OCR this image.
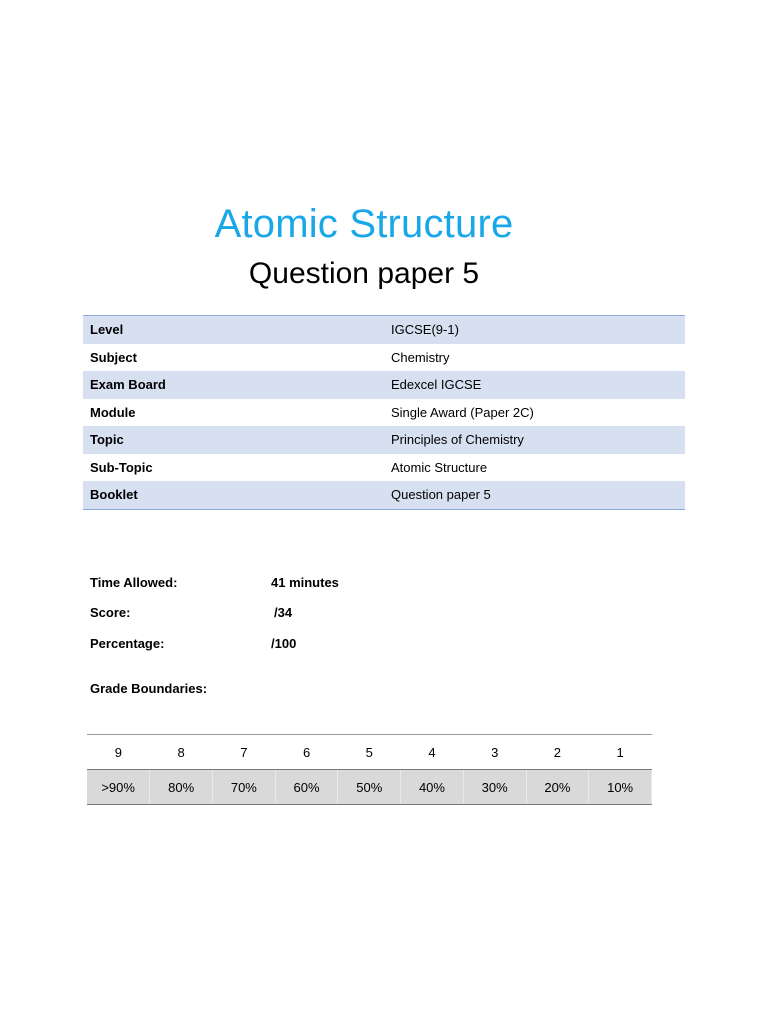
Atomic Structure
Question paper 5
Level	IGCSE(9-1)
Subject	Chemistry
Exam Board	Edexcel IGCSE
Module	Single Award (Paper 2C)
Topic	Principles of Chemistry
Sub-Topic	Atomic Structure
Booklet	Question paper 5
Time Allowed:	41 minutes
Score:	/34
Percentage:	/100
Grade Boundaries:
9	8	7	6	5	4	3	2	1
>90%	80%	70%	60%	50%	40%	30%	20%	10%
